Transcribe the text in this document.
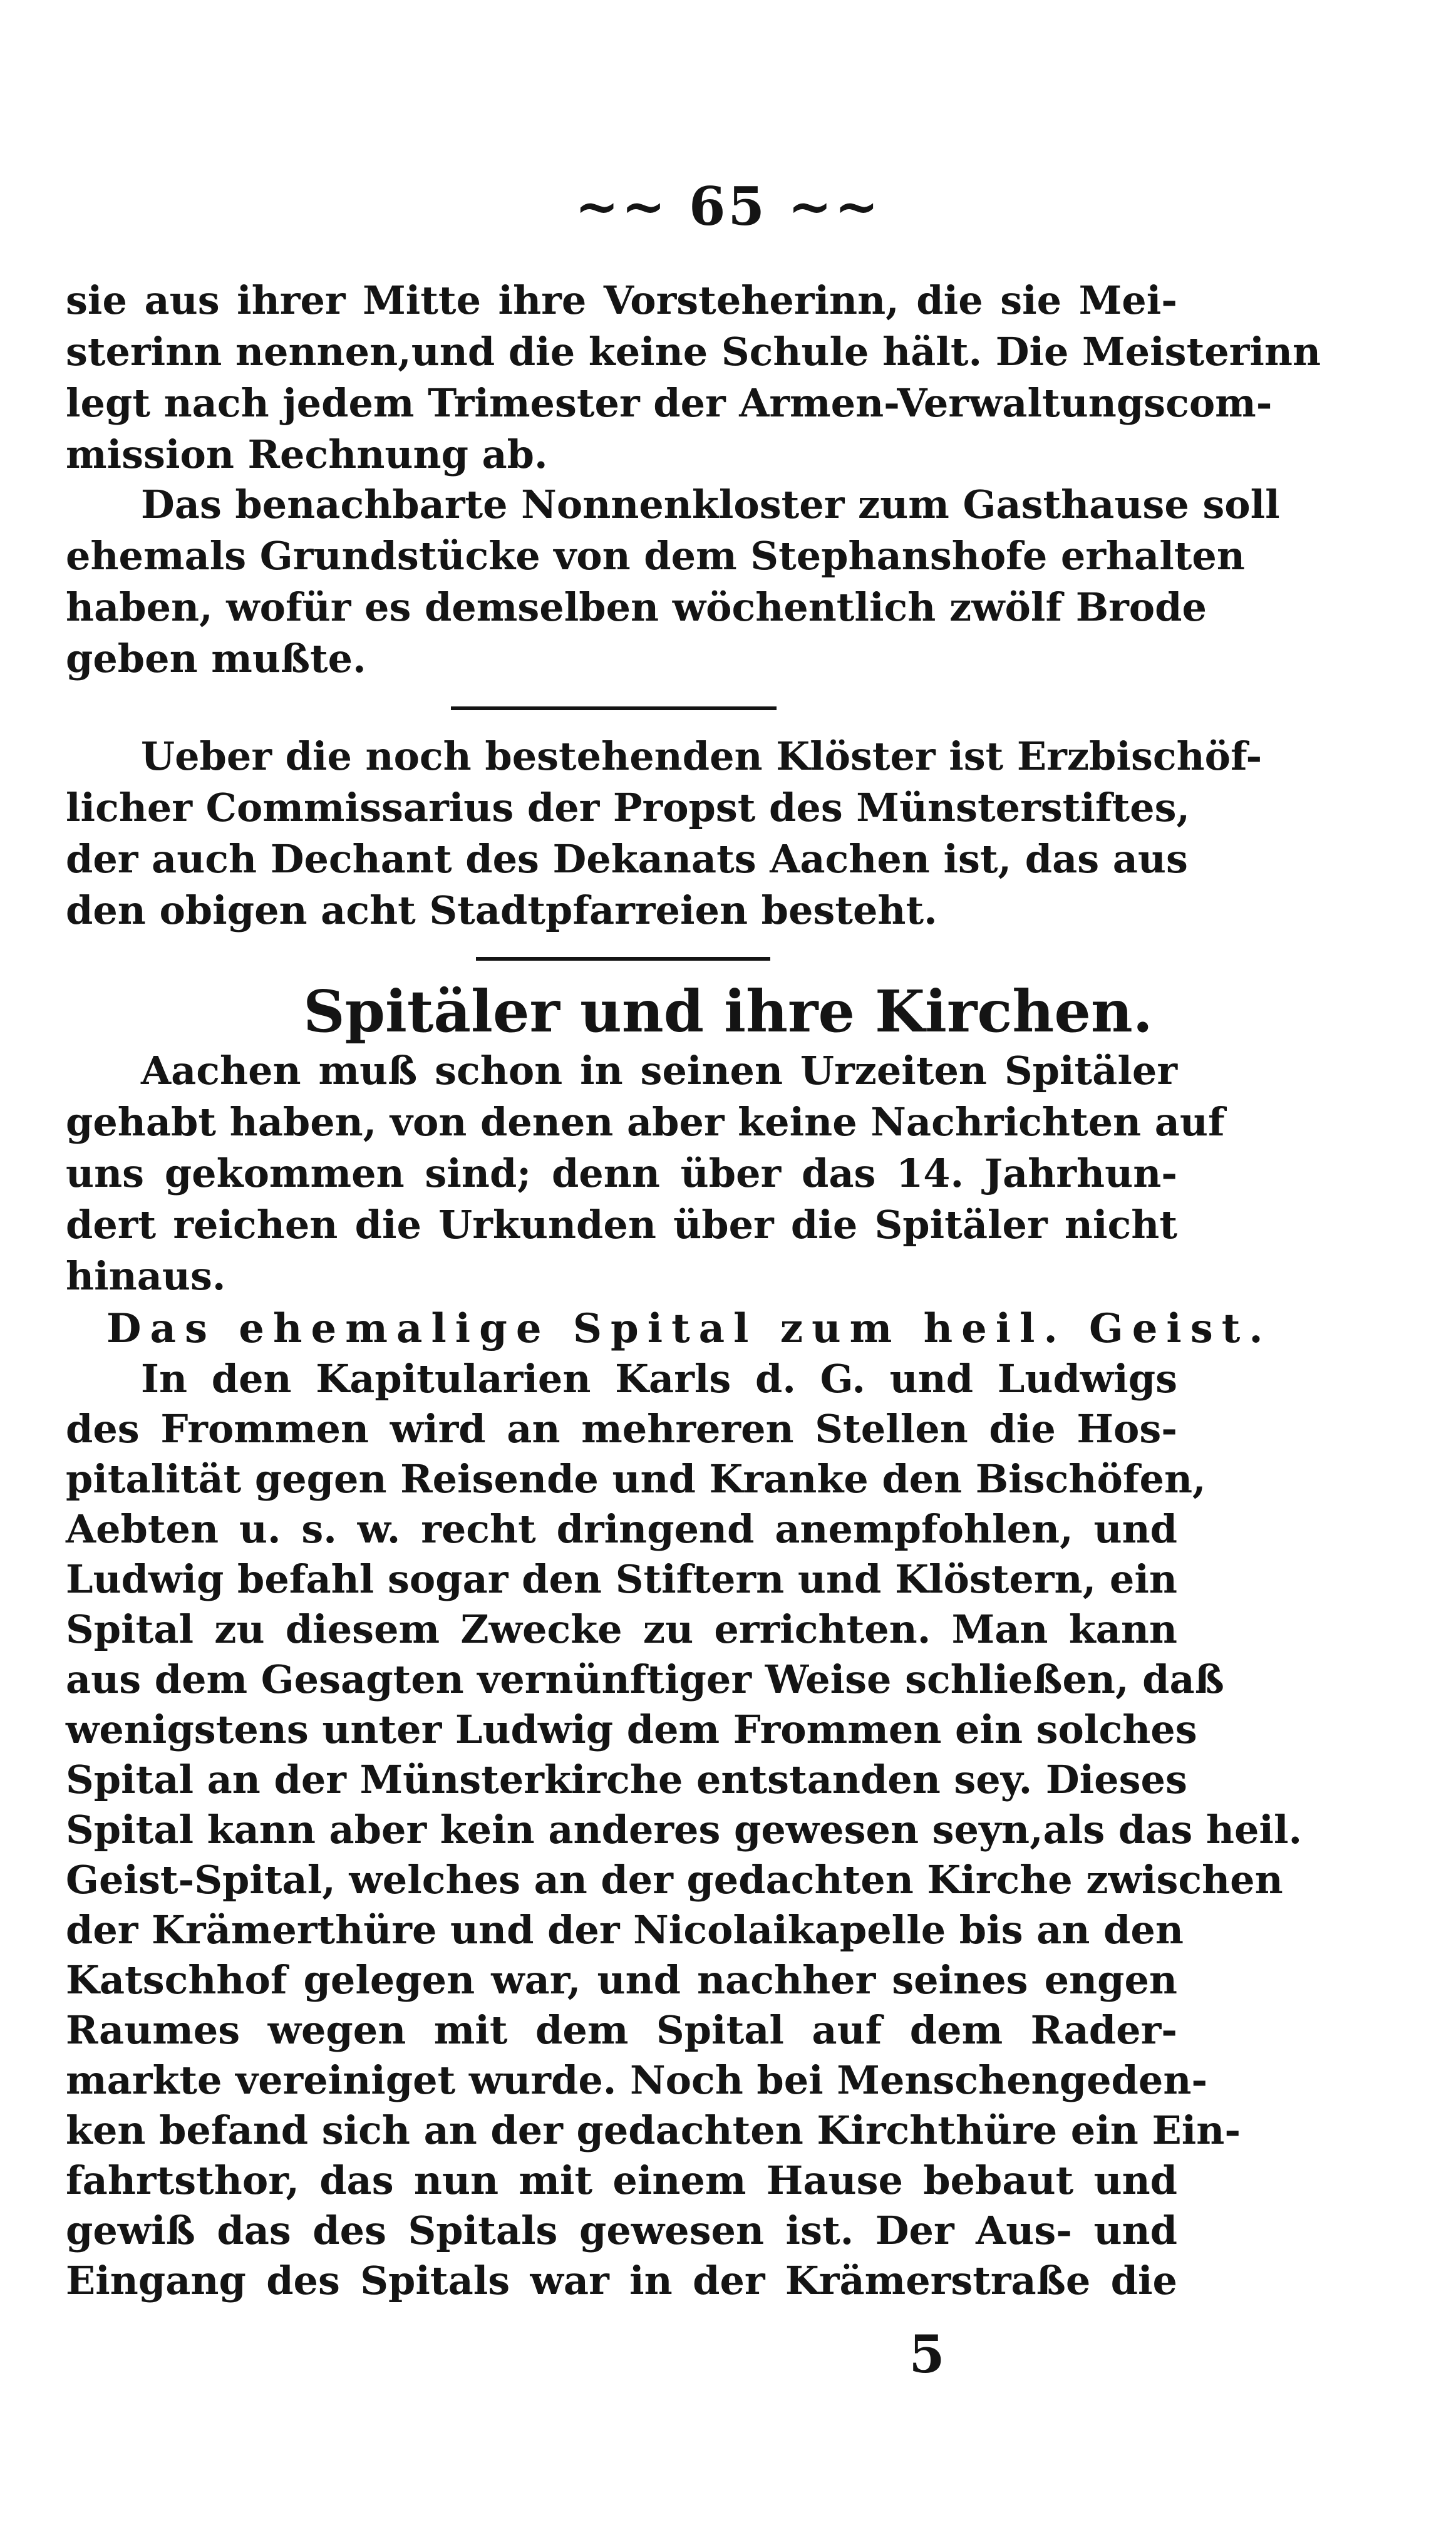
~~ 65 ~~
sie aus ihrer Mitte ihre Vorsteherinn, die sie Mei-
sterinn nennen,und die keine Schule hält. Die Meisterinn
legt nach jedem Trimester der Armen-Verwaltungscom-
mission Rechnung ab.
Das benachbarte Nonnenkloster zum Gasthause soll
ehemals Grundstücke von dem Stephanshofe erhalten
haben, wofür es demselben wöchentlich zwölf Brode
geben mußte.
Ueber die noch bestehenden Klöster ist Erzbischöf-
licher Commissarius der Propst des Münsterstiftes,
der auch Dechant des Dekanats Aachen ist, das aus
den obigen acht Stadtpfarreien besteht.
Spitäler und ihre Kirchen.
Aachen muß schon in seinen Urzeiten Spitäler
gehabt haben, von denen aber keine Nachrichten auf
uns gekommen sind; denn über das 14. Jahrhun-
dert reichen die Urkunden über die Spitäler nicht
hinaus.
Das ehemalige Spital zum heil. Geist.
In den Kapitularien Karls d. G. und Ludwigs
des Frommen wird an mehreren Stellen die Hos-
pitalität gegen Reisende und Kranke den Bischöfen,
Aebten u. s. w. recht dringend anempfohlen, und
Ludwig befahl sogar den Stiftern und Klöstern, ein
Spital zu diesem Zwecke zu errichten. Man kann
aus dem Gesagten vernünftiger Weise schließen, daß
wenigstens unter Ludwig dem Frommen ein solches
Spital an der Münsterkirche entstanden sey. Dieses
Spital kann aber kein anderes gewesen seyn,als das heil.
Geist-Spital, welches an der gedachten Kirche zwischen
der Krämerthüre und der Nicolaikapelle bis an den
Katschhof gelegen war, und nachher seines engen
Raumes wegen mit dem Spital auf dem Rader-
markte vereiniget wurde. Noch bei Menschengeden-
ken befand sich an der gedachten Kirchthüre ein Ein-
fahrtsthor, das nun mit einem Hause bebaut und
gewiß das des Spitals gewesen ist. Der Aus- und
Eingang des Spitals war in der Krämerstraße die
5
